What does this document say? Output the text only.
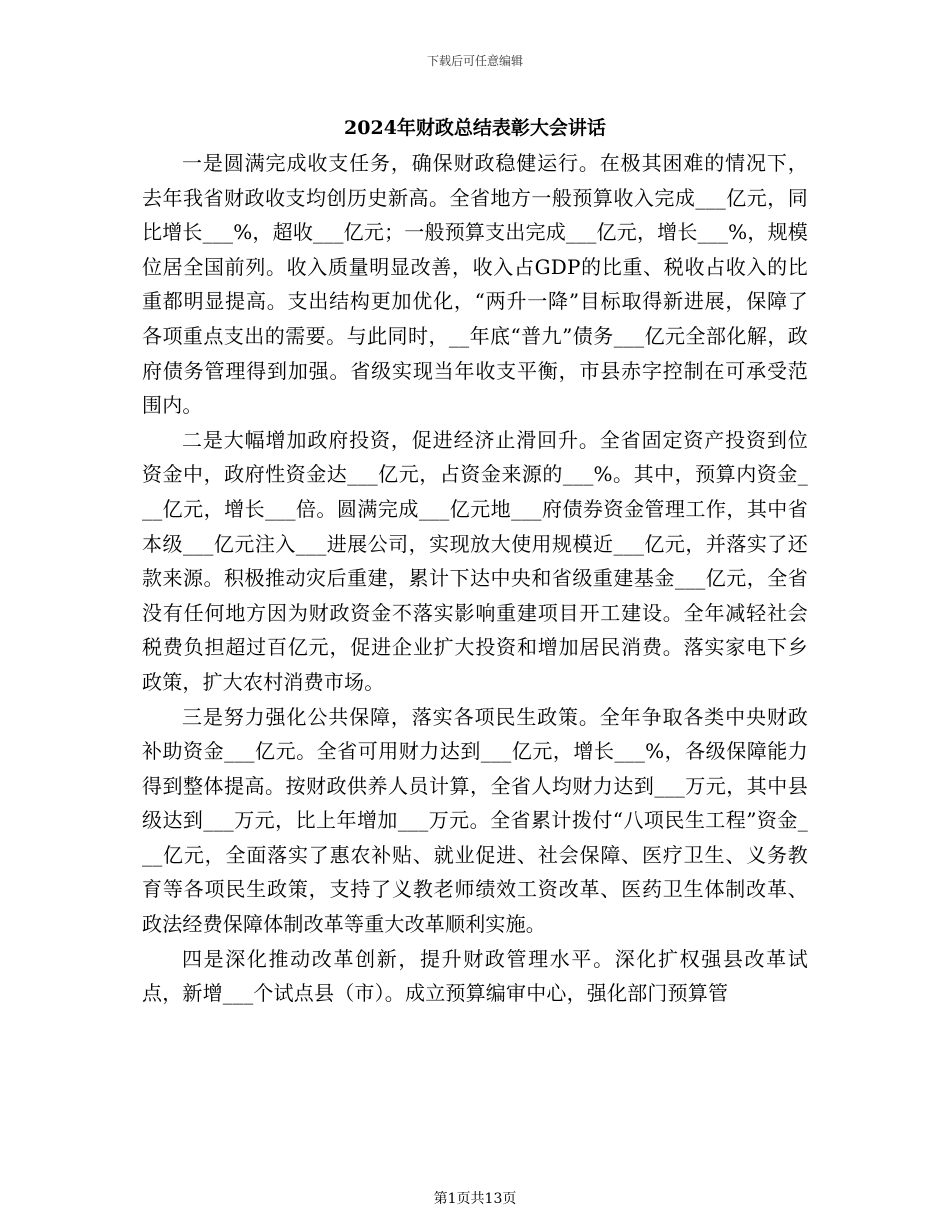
下载后可任意编辑
2024年财政总结表彰大会讲话

一是圆满完成收支任务，确保财政稳健运行。在极其困难的情况下，去年我省财政收支均创历史新高。全省地方一般预算收入完成___亿元，同比增长___%，超收___亿元；一般预算支出完成___亿元，增长___%，规模位居全国前列。收入质量明显改善，收入占GDP的比重、税收占收入的比重都明显提高。支出结构更加优化，“两升一降”目标取得新进展，保障了各项重点支出的需要。与此同时，__年底“普九”债务___亿元全部化解，政府债务管理得到加强。省级实现当年收支平衡，市县赤字控制在可承受范围内。

二是大幅增加政府投资，促进经济止滑回升。全省固定资产投资到位资金中，政府性资金达___亿元，占资金来源的___%。其中，预算内资金___亿元，增长___倍。圆满完成___亿元地___府债券资金管理工作，其中省本级___亿元注入___进展公司，实现放大使用规模近___亿元，并落实了还款来源。积极推动灾后重建，累计下达中央和省级重建基金___亿元，全省没有任何地方因为财政资金不落实影响重建项目开工建设。全年减轻社会税费负担超过百亿元，促进企业扩大投资和增加居民消费。落实家电下乡政策，扩大农村消费市场。

三是努力强化公共保障，落实各项民生政策。全年争取各类中央财政补助资金___亿元。全省可用财力达到___亿元，增长___%，各级保障能力得到整体提高。按财政供养人员计算，全省人均财力达到___万元，其中县级达到___万元，比上年增加___万元。全省累计拨付“八项民生工程”资金___亿元，全面落实了惠农补贴、就业促进、社会保障、医疗卫生、义务教育等各项民生政策，支持了义教老师绩效工资改革、医药卫生体制改革、政法经费保障体制改革等重大改革顺利实施。

四是深化推动改革创新，提升财政管理水平。深化扩权强县改革试点，新增___个试点县（市）。成立预算编审中心，强化部门预算管

第1页共13页
